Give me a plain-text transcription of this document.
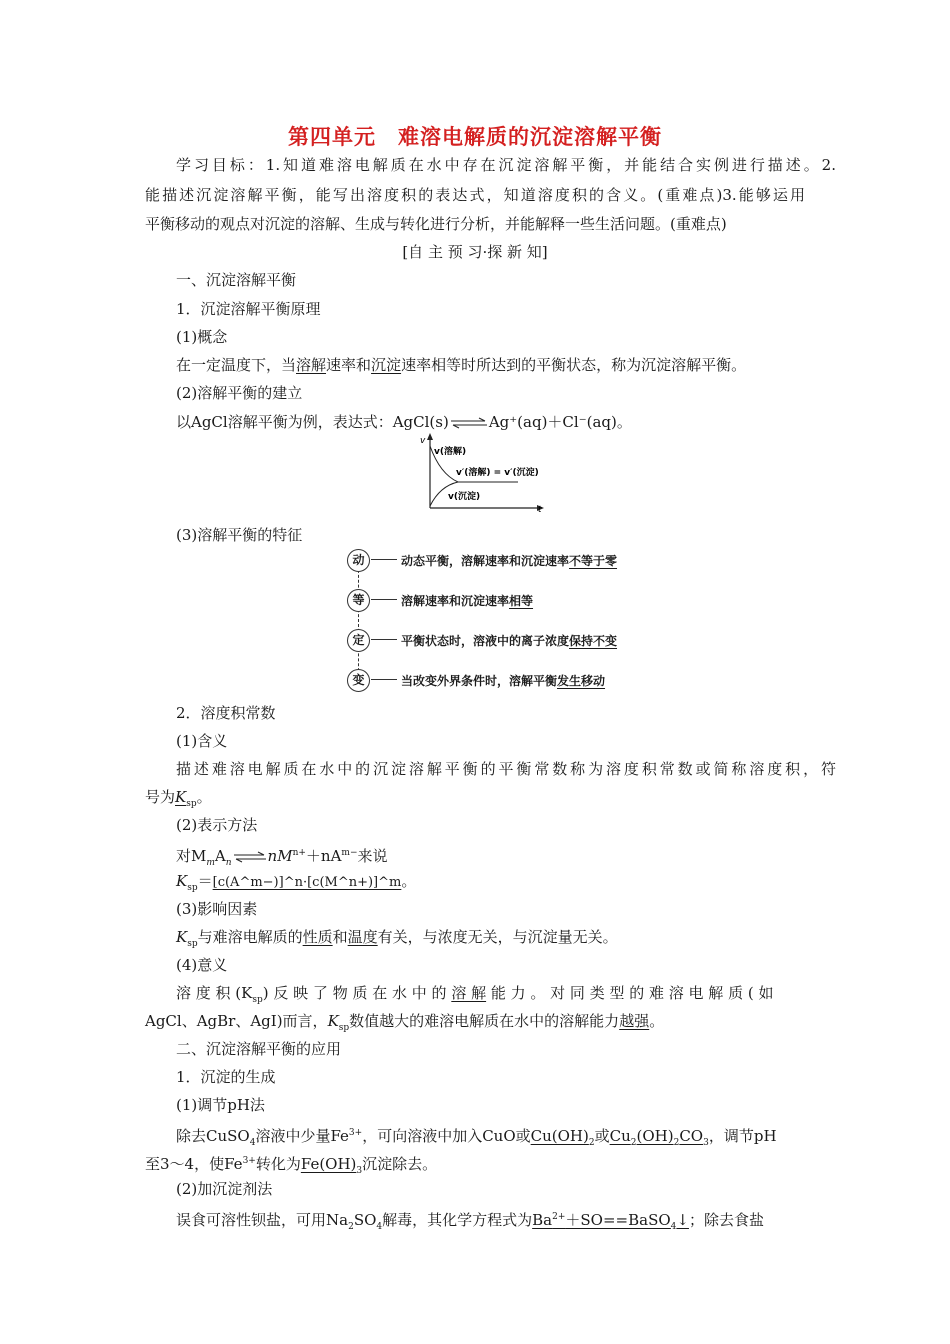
第四单元　难溶电解质的沉淀溶解平衡
学习目标：1.知道难溶电解质在水中存在沉淀溶解平衡，并能结合实例进行描述。2.
能描述沉淀溶解平衡，能写出溶度积的表达式，知道溶度积的含义。(重难点)3.能够运用
平衡移动的观点对沉淀的溶解、生成与转化进行分析，并能解释一些生活问题。(重难点)
[自 主 预 习·探 新 知]
一、沉淀溶解平衡
1．沉淀溶解平衡原理
(1)概念
在一定温度下，当溶解速率和沉淀速率相等时所达到的平衡状态，称为沉淀溶解平衡。
(2)溶解平衡的建立
以AgCl溶解平衡为例，表达式：AgCl(s)⇌Ag⁺(aq)＋Cl⁻(aq)。
v
t
v(溶解)
v′(溶解) = v′(沉淀)
v(沉淀)
(3)溶解平衡的特征
动	动态平衡，溶解速率和沉淀速率不等于零
等	溶解速率和沉淀速率相等
定	平衡状态时，溶液中的离子浓度保持不变
变	当改变外界条件时，溶解平衡发生移动
2．溶度积常数
(1)含义
描述难溶电解质在水中的沉淀溶解平衡的平衡常数称为溶度积常数或简称溶度积，符
号为$K_{sp}$。
(2)表示方法
对$M_mA_n\rightleftharpoons nM^{n+}+nA^{m-}$来说
$K_{sp}=[c(A\^{}m-)]\^{}n\cdot[c(M\^{}n+)]\^{}m$。
(3)影响因素
$K_{sp}$与难溶电解质的性质和温度有关，与浓度无关，与沉淀量无关。
(4)意义
溶 度 积 $(K_{sp})$ 反 映 了 物 质 在 水 中 的 溶 解 能 力 。 对 同 类 型 的 难 溶 电 解 质 ( 如
AgCl、AgBr、AgI)而言，$K_{sp}$数值越大的难溶电解质在水中的溶解能力越强。
二、沉淀溶解平衡的应用
1．沉淀的生成
(1)调节pH法
除去CuSO$_4$溶液中少量$Fe^{3+}$，可向溶液中加入CuO或$Cu(OH)_2$或$Cu_2(OH)_2CO_3$，调节pH
至3～4，使$Fe^{3+}$转化为$Fe(OH)_3$沉淀除去。
(2)加沉淀剂法
误食可溶性钡盐，可用$Na_2SO_4$解毒，其化学方程式为$Ba^{2+}+SO==BaSO_4↓$；除去食盐
